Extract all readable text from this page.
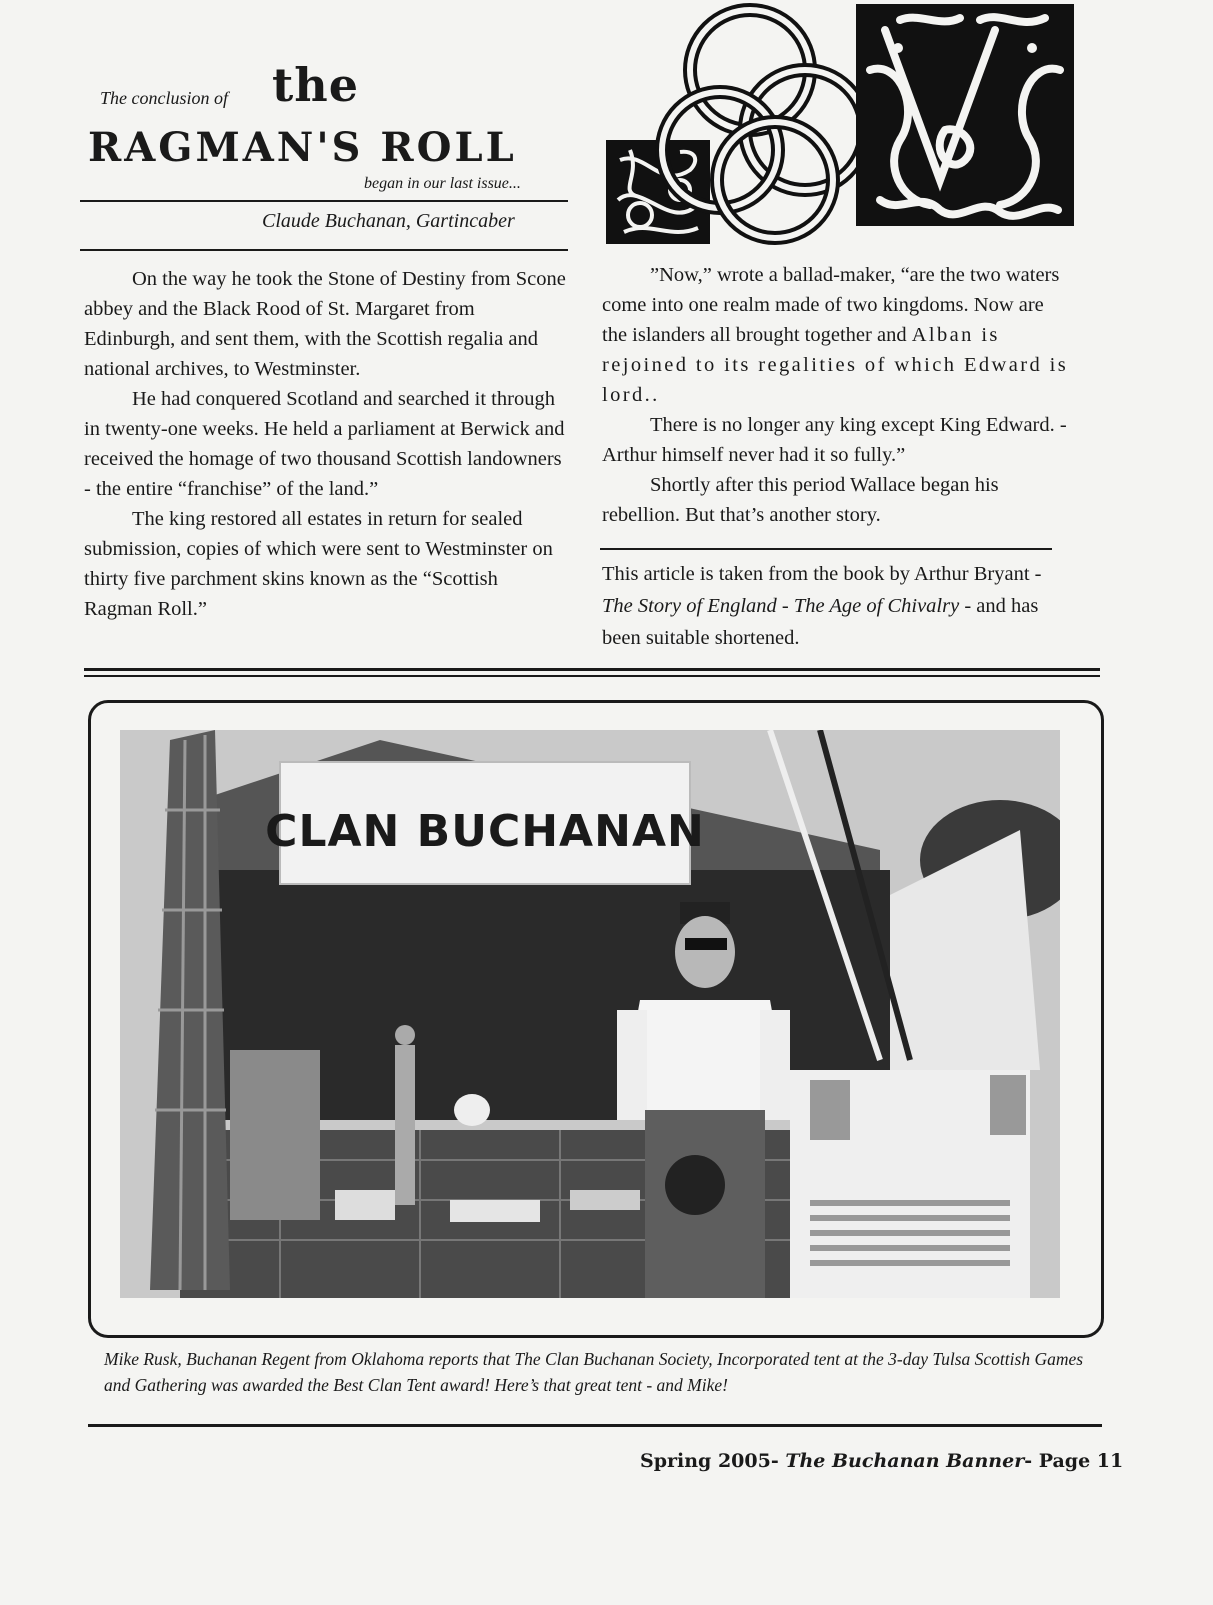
The conclusion of the
RAGMAN'S ROLL
began in our last issue...
Claude Buchanan, Gartincaber

On the way he took the Stone of Destiny from Scone abbey and the Black Rood of St. Margaret from Edinburgh, and sent them, with the Scottish regalia and national archives, to Westminster.

He had conquered Scotland and searched it through in twenty-one weeks. He held a parliament at Berwick and received the homage of two thousand Scottish landowners - the entire “franchise” of the land.”

The king restored all estates in return for sealed submission, copies of which were sent to Westminster on thirty five parchment skins known as the “Scottish Ragman Roll.”

”Now,” wrote a ballad-maker, “are the two waters come into one realm made of two kingdoms. Now are the islanders all brought together and Alban is rejoined to its regalities of which Edward is lord..

There is no longer any king except King Edward. - Arthur himself never had it so fully.”

Shortly after this period Wallace began his rebellion. But that’s another story.

This article is taken from the book by Arthur Bryant - The Story of England - The Age of Chivalry - and has been suitable shortened.
CLAN BUCHANAN
Mike Rusk, Buchanan Regent from Oklahoma reports that The Clan Buchanan Society, Incorporated tent at the 3-day Tulsa Scottish Games and Gathering was awarded the Best Clan Tent award! Here’s that great tent - and Mike!
Spring 2005- The Buchanan Banner- Page 11
